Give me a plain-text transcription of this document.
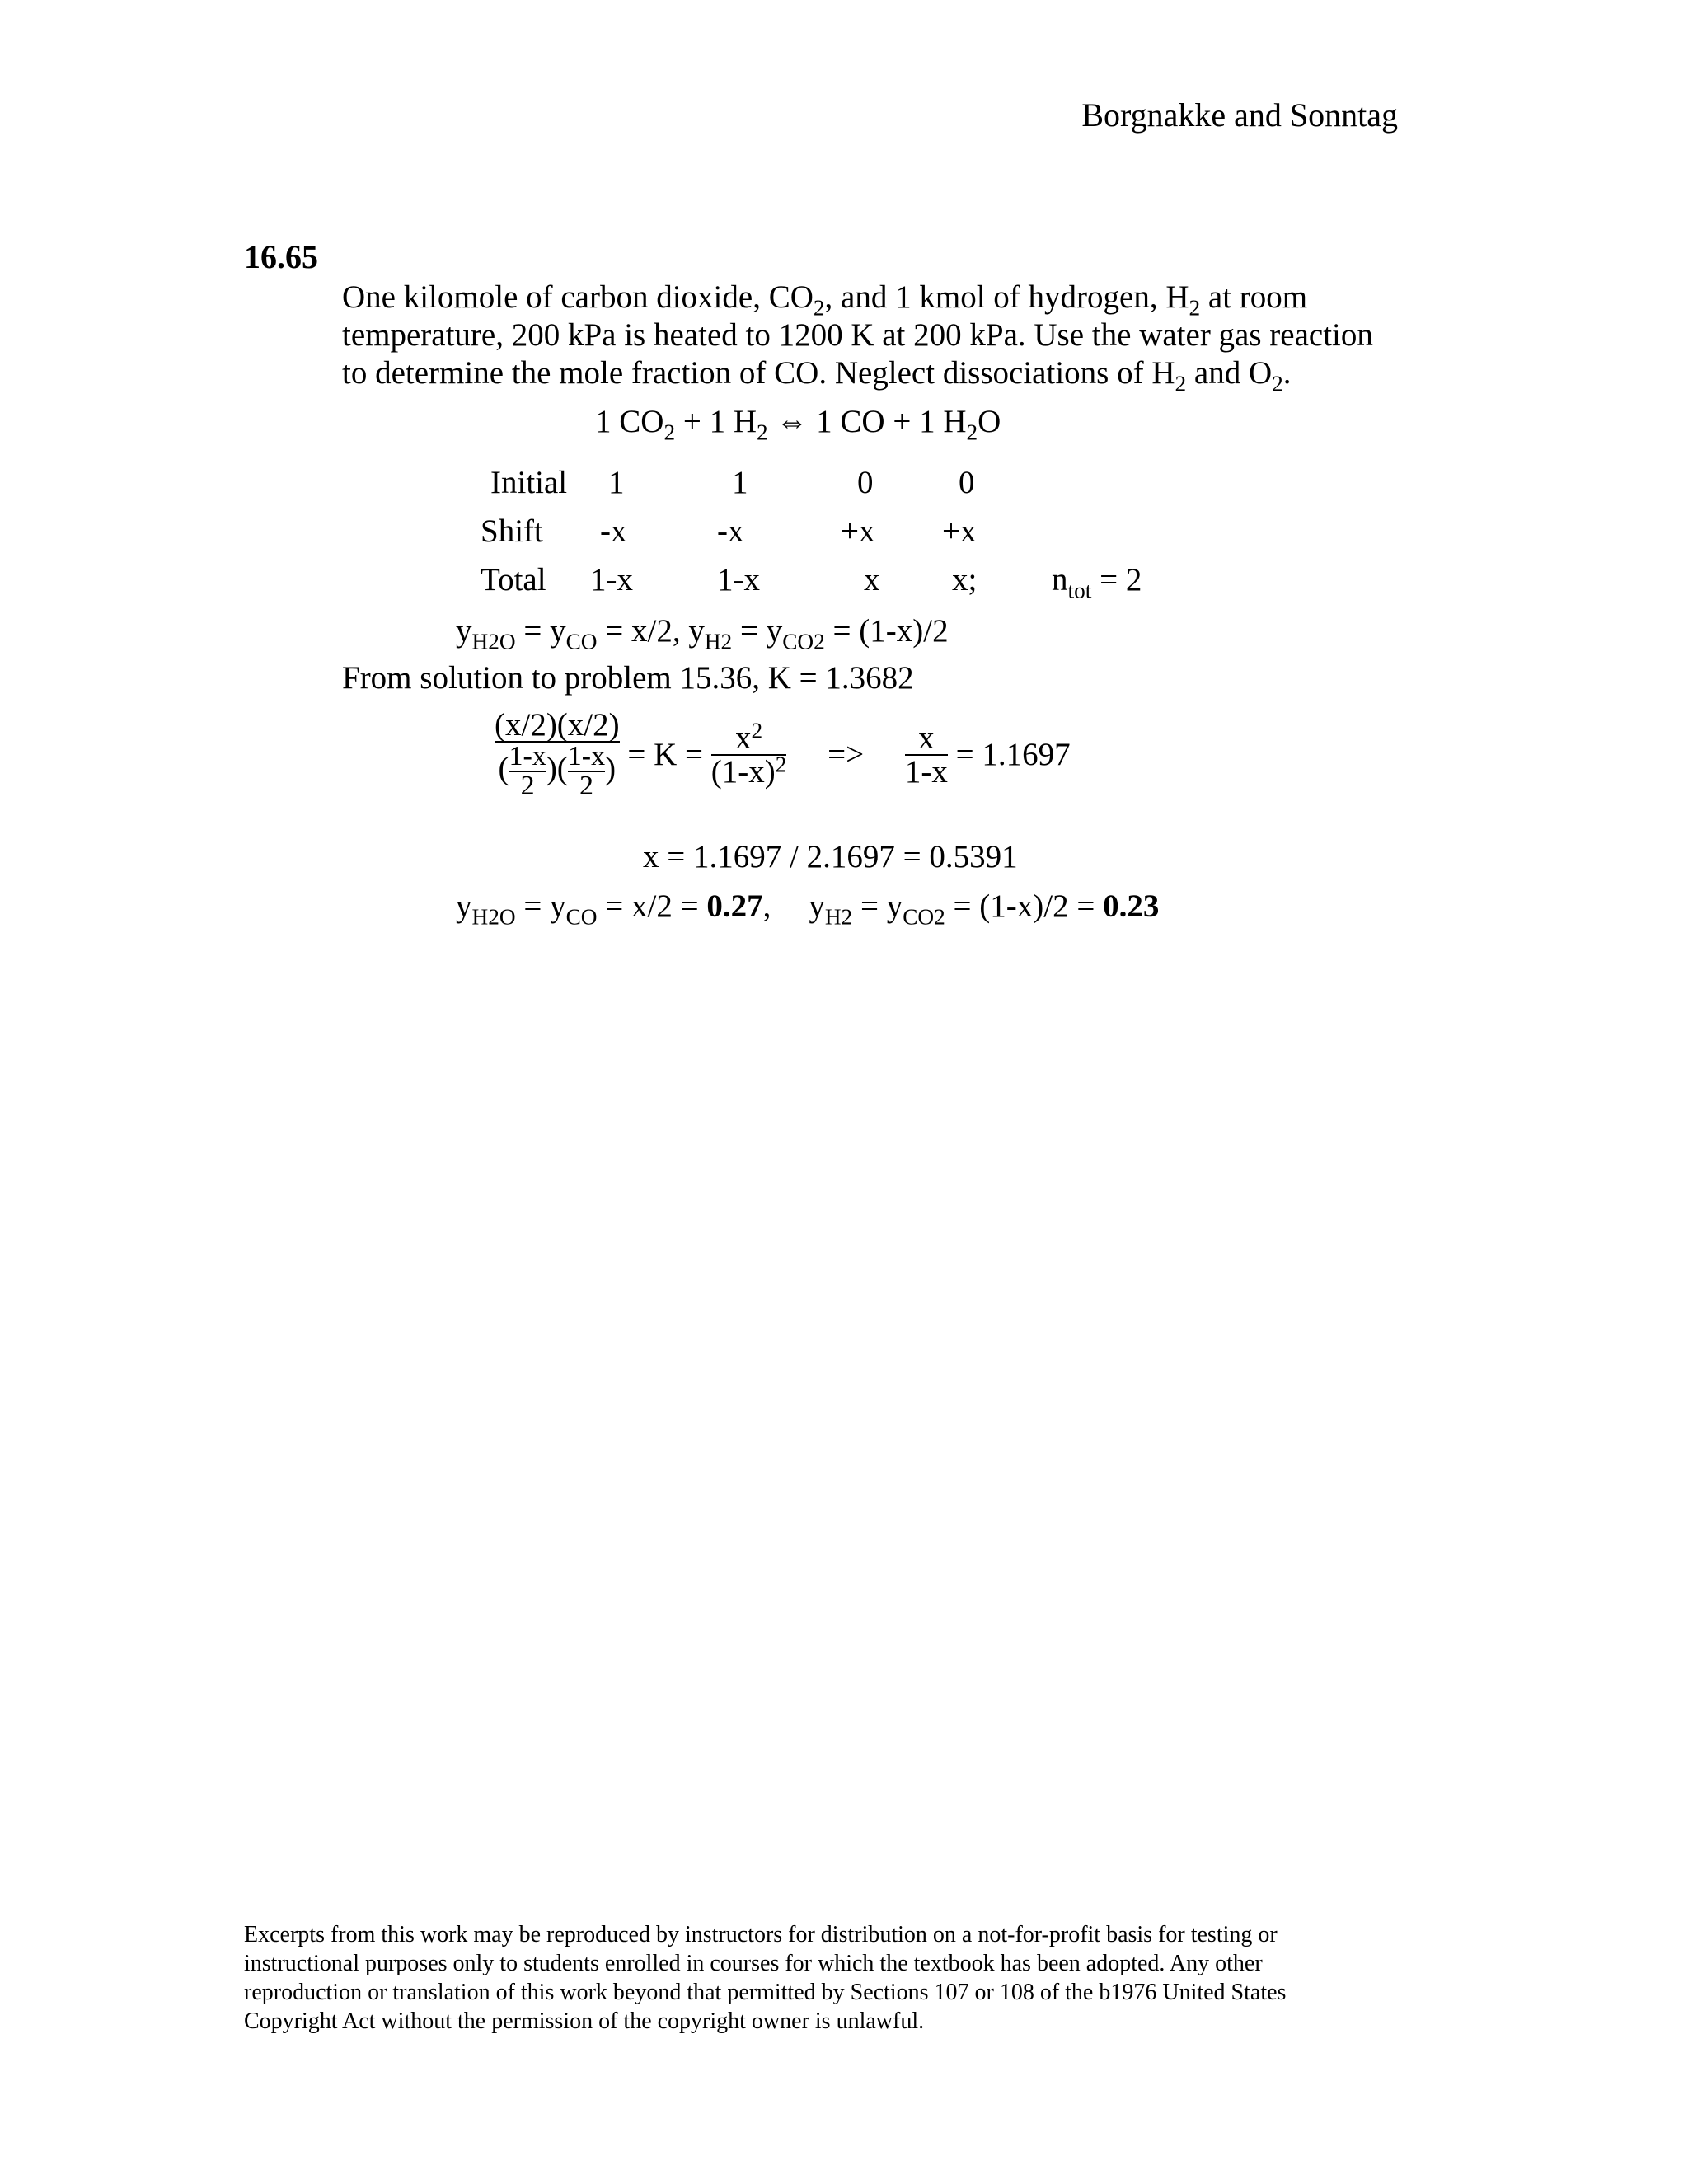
Borgnakke and Sonntag
16.65
One kilomole of carbon dioxide, $CO_2$, and 1 kmol of hydrogen, $H_2$ at room
temperature, 200 kPa is heated to 1200 K at 200 kPa. Use the water gas reaction
to determine the mole fraction of CO. Neglect dissociations of $H_2$ and $O_2$.
1 $CO_2 + 1$ $H_2$ ⇔ 1 CO + 1 $H_2O$
Initial 1	1	0	0
Shift -x	-x	+x +x
Total 1-x	1-x	x x; $n_{tot} = 2$
$y_{H2O} = y_{CO} = x/2$, $y_{H2} = y_{CO2} = (1-x)/2$
From solution to problem 15.36, K = 1.3682
$\frac{(x/2)(x/2)}{( \frac{1-x}{2} )( \frac{1-x}{2} )} = K = \frac{x^2}{(1-x)^2} => \frac{x}{1-x} = 1.1697$
x = 1.1697 / 2.1697 = 0.5391
$y_{H2O} = y_{CO} = x/2 = 0.27$, $y_{H2} = y_{CO2} = (1-x)/2 = 0.23$
Excerpts from this work may be reproduced by instructors for distribution on a not-for-profit basis for testing or
instructional purposes only to students enrolled in courses for which the textbook has been adopted. Any other
reproduction or translation of this work beyond that permitted by Sections 107 or 108 of the b1976 United States
Copyright Act without the permission of the copyright owner is unlawful.
